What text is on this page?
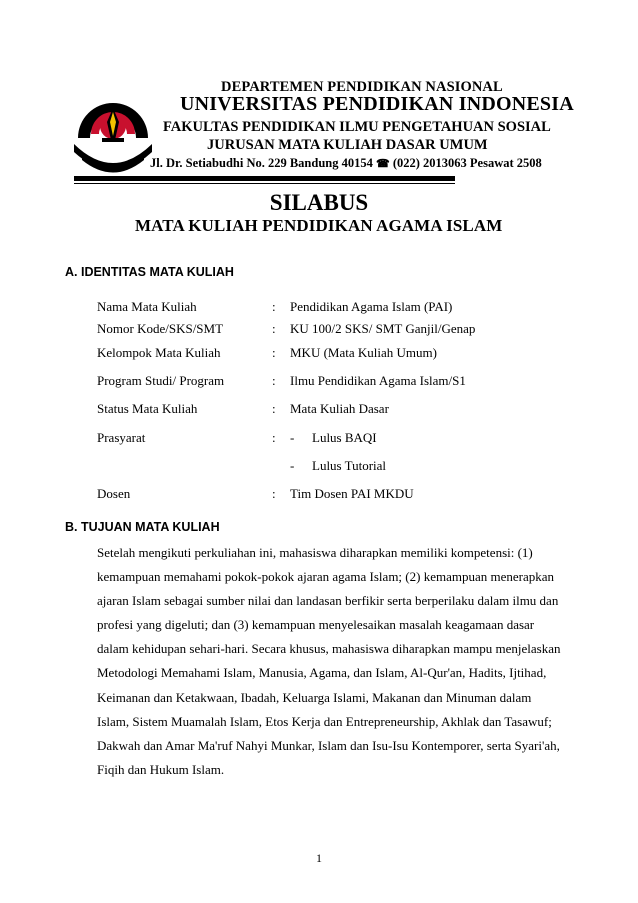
DEPARTEMEN PENDIDIKAN NASIONAL
UNIVERSITAS PENDIDIKAN INDONESIA
FAKULTAS PENDIDIKAN ILMU PENGETAHUAN SOSIAL
JURUSAN MATA KULIAH DASAR UMUM
Jl. Dr. Setiabudhi No. 229 Bandung 40154 ☎ (022) 2013063 Pesawat 2508
SILABUS
MATA KULIAH PENDIDIKAN AGAMA ISLAM
A. IDENTITAS MATA KULIAH
Nama Mata Kuliah	: Pendidikan Agama Islam (PAI)
Nomor Kode/SKS/SMT	: KU 100/2 SKS/ SMT Ganjil/Genap
Kelompok Mata Kuliah	: MKU (Mata Kuliah Umum)
Program Studi/ Program	: Ilmu Pendidikan Agama Islam/S1
Status Mata Kuliah	: Mata Kuliah Dasar
Prasyarat	: - Lulus BAQI
- Lulus Tutorial
Dosen	: Tim Dosen PAI MKDU
B. TUJUAN MATA KULIAH
Setelah mengikuti perkuliahan ini, mahasiswa diharapkan memiliki kompetensi: (1)
kemampuan memahami pokok-pokok ajaran agama Islam; (2) kemampuan menerapkan
ajaran Islam sebagai sumber nilai dan landasan berfikir serta berperilaku dalam ilmu dan
profesi yang digeluti; dan (3) kemampuan menyelesaikan masalah keagamaan dasar
dalam kehidupan sehari-hari. Secara khusus, mahasiswa diharapkan mampu menjelaskan
Metodologi Memahami Islam, Manusia, Agama, dan Islam, Al-Qur'an, Hadits, Ijtihad,
Keimanan dan Ketakwaan, Ibadah, Keluarga Islami, Makanan dan Minuman dalam
Islam, Sistem Muamalah Islam, Etos Kerja dan Entrepreneurship, Akhlak dan Tasawuf;
Dakwah dan Amar Ma'ruf Nahyi Munkar, Islam dan Isu-Isu Kontemporer, serta Syari'ah,
Fiqih dan Hukum Islam.
1
